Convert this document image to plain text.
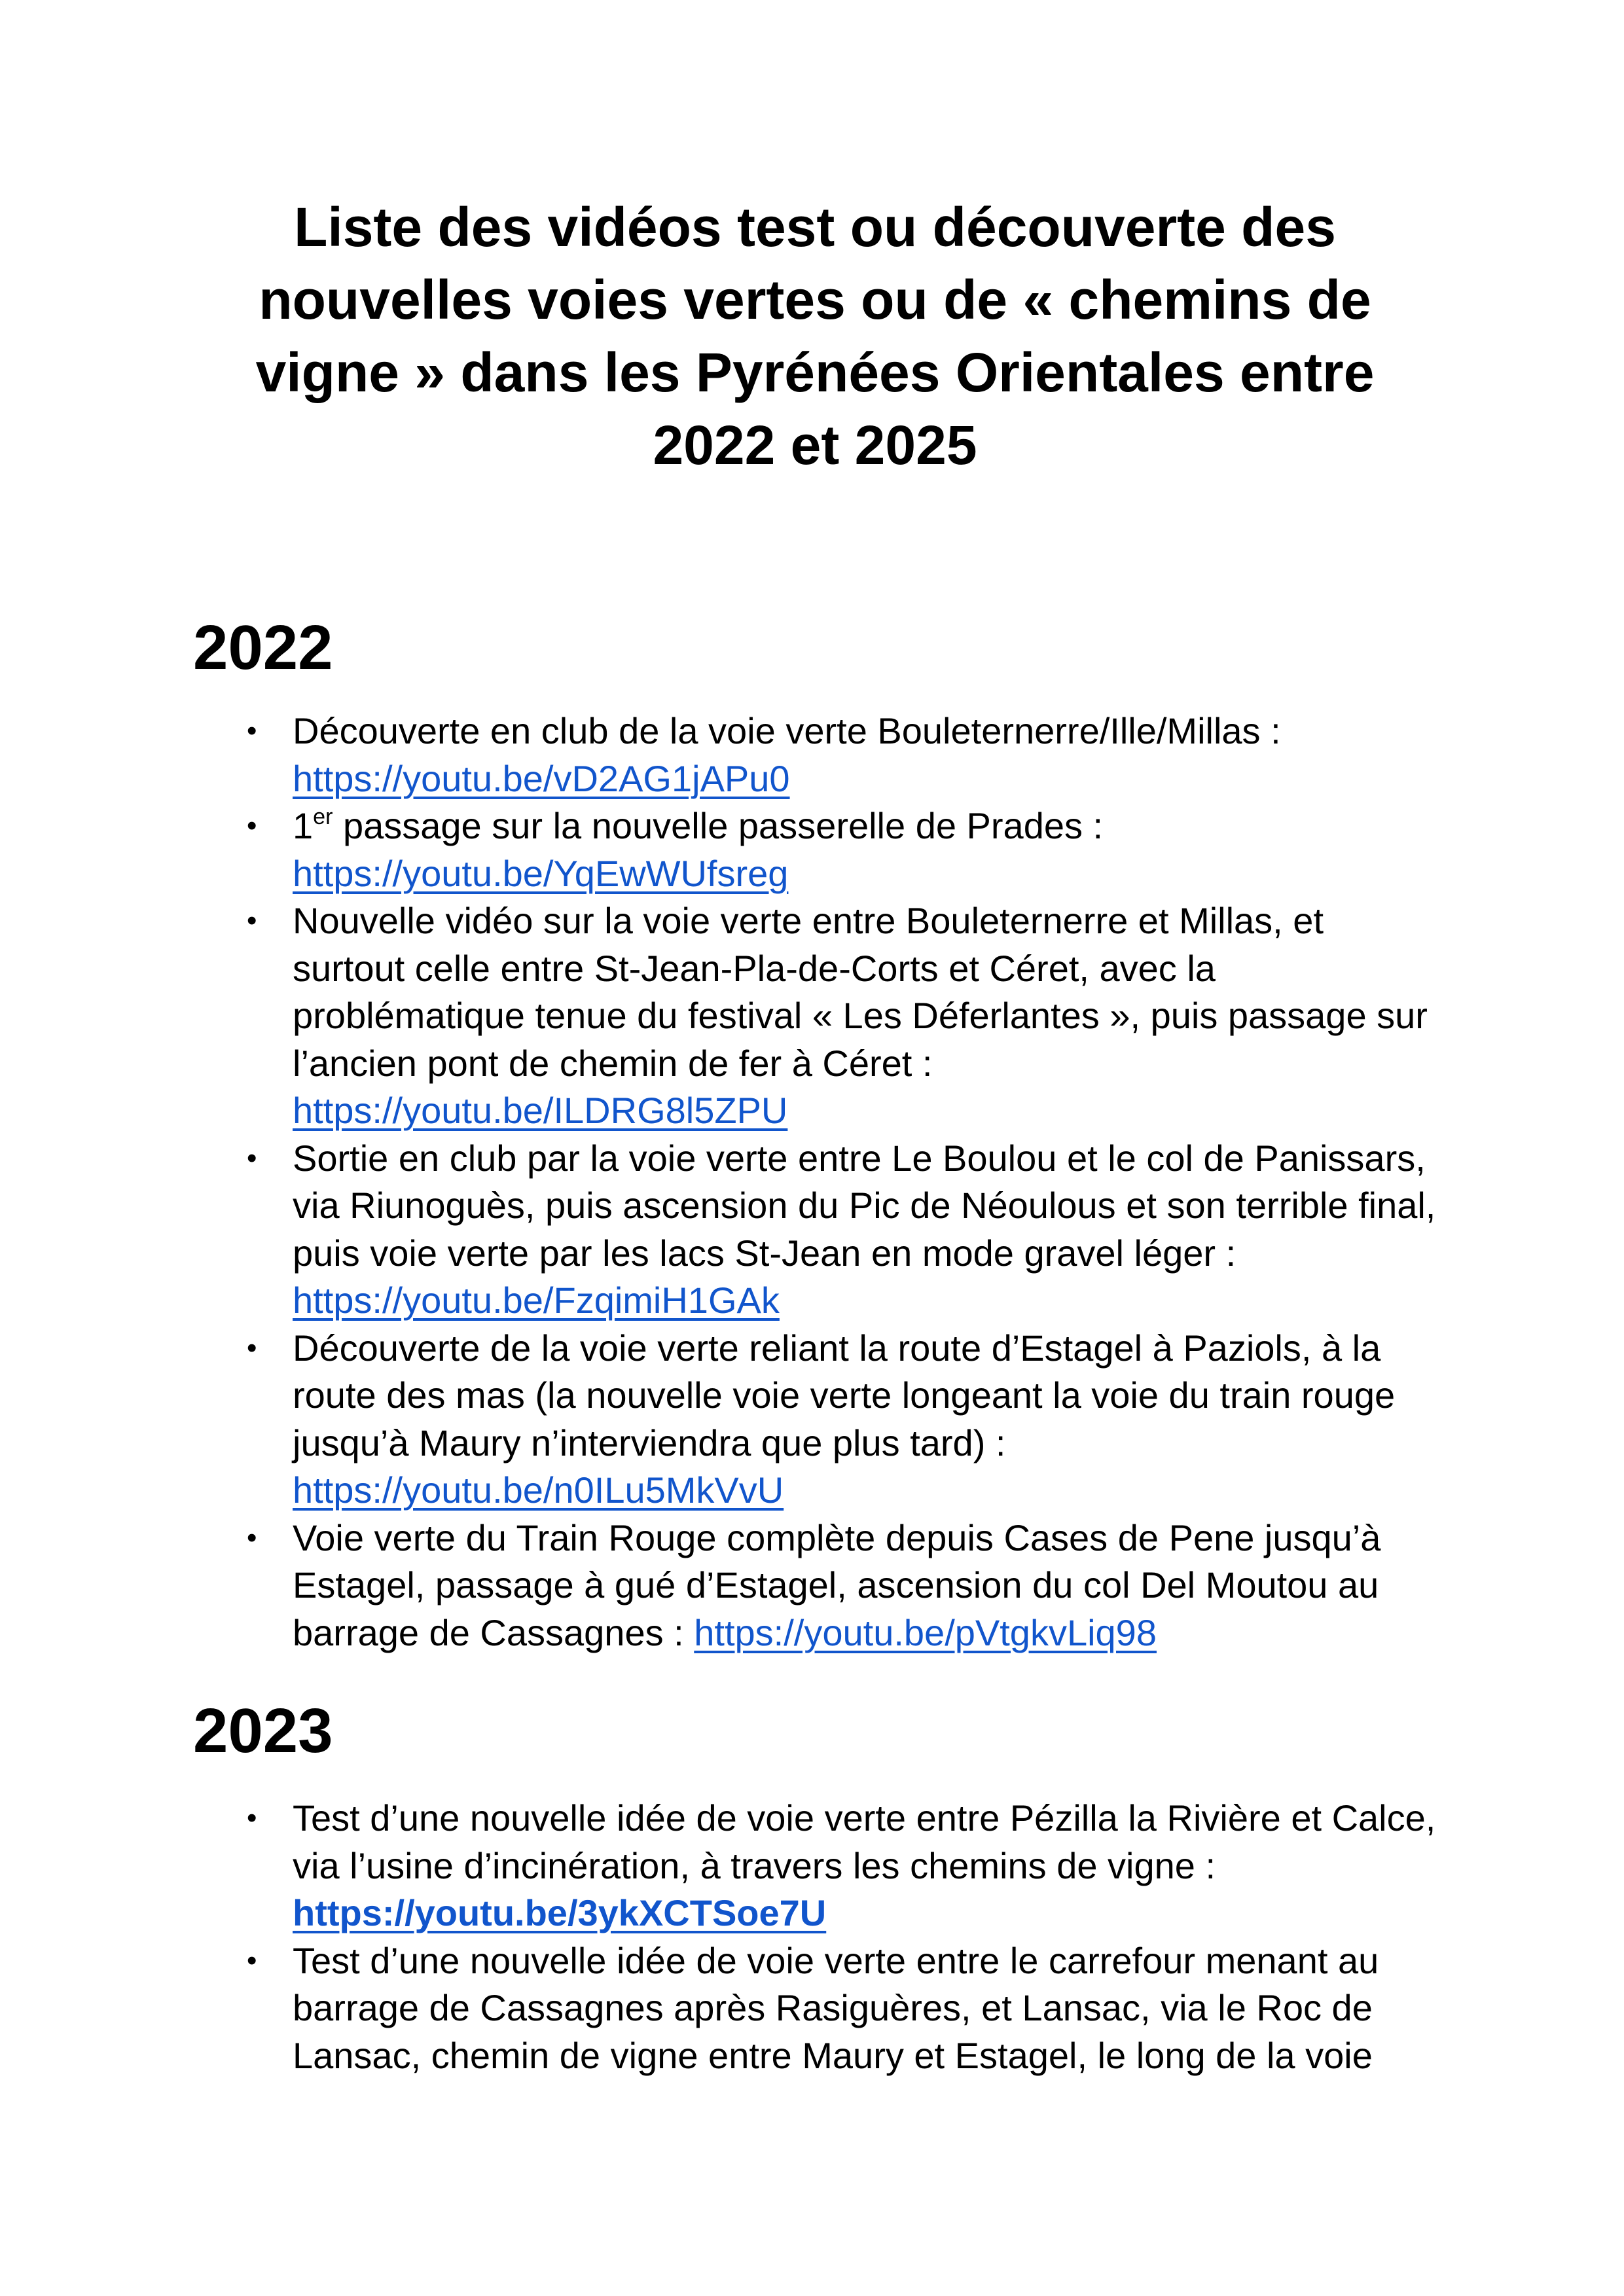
Liste des vidéos test ou découverte des nouvelles voies vertes ou de « chemins de vigne » dans les Pyrénées Orientales entre 2022 et 2025
2022
• Découverte en club de la voie verte Bouleternerre/Ille/Millas : https://youtu.be/vD2AG1jAPu0
• 1er passage sur la nouvelle passerelle de Prades : https://youtu.be/YqEwWUfsreg
• Nouvelle vidéo sur la voie verte entre Bouleternerre et Millas, et surtout celle entre St-Jean-Pla-de-Corts et Céret, avec la problématique tenue du festival « Les Déferlantes », puis passage sur l’ancien pont de chemin de fer à Céret : https://youtu.be/ILDRG8l5ZPU
• Sortie en club par la voie verte entre Le Boulou et le col de Panissars, via Riunoguès, puis ascension du Pic de Néoulous et son terrible final, puis voie verte par les lacs St-Jean en mode gravel léger : https://youtu.be/FzqimiH1GAk
• Découverte de la voie verte reliant la route d’Estagel à Paziols, à la route des mas (la nouvelle voie verte longeant la voie du train rouge jusqu’à Maury n’interviendra que plus tard) : https://youtu.be/n0ILu5MkVvU
• Voie verte du Train Rouge complète depuis Cases de Pene jusqu’à Estagel, passage à gué d’Estagel, ascension du col Del Moutou au barrage de Cassagnes : https://youtu.be/pVtgkvLiq98
2023
• Test d’une nouvelle idée de voie verte entre Pézilla la Rivière et Calce, via l’usine d’incinération, à travers les chemins de vigne : https://youtu.be/3ykXCTSoe7U
• Test d’une nouvelle idée de voie verte entre le carrefour menant au barrage de Cassagnes après Rasiguères, et Lansac, via le Roc de Lansac, chemin de vigne entre Maury et Estagel, le long de la voie
